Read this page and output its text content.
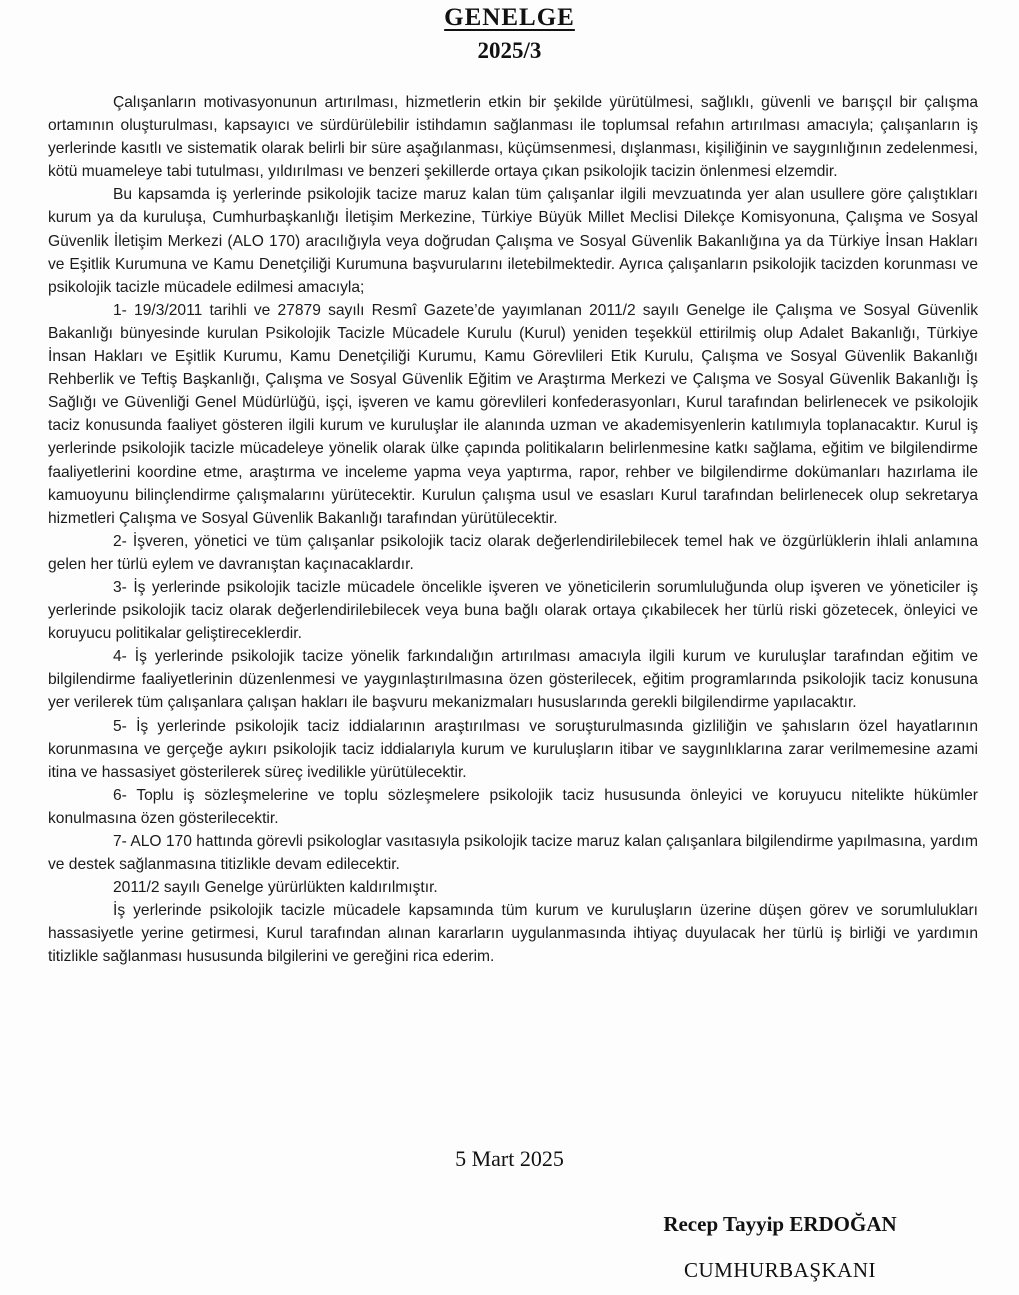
GENELGE
2025/3

Çalışanların motivasyonunun artırılması, hizmetlerin etkin bir şekilde yürütülmesi, sağlıklı, güvenli ve barışçıl bir çalışma ortamının oluşturulması, kapsayıcı ve sürdürülebilir istihdamın sağlanması ile toplumsal refahın artırılması amacıyla; çalışanların iş yerlerinde kasıtlı ve sistematik olarak belirli bir süre aşağılanması, küçümsenmesi, dışlanması, kişiliğinin ve saygınlığının zedelenmesi, kötü muameleye tabi tutulması, yıldırılması ve benzeri şekillerde ortaya çıkan psikolojik tacizin önlenmesi elzemdir.

Bu kapsamda iş yerlerinde psikolojik tacize maruz kalan tüm çalışanlar ilgili mevzuatında yer alan usullere göre çalıştıkları kurum ya da kuruluşa, Cumhurbaşkanlığı İletişim Merkezine, Türkiye Büyük Millet Meclisi Dilekçe Komisyonuna, Çalışma ve Sosyal Güvenlik İletişim Merkezi (ALO 170) aracılığıyla veya doğrudan Çalışma ve Sosyal Güvenlik Bakanlığına ya da Türkiye İnsan Hakları ve Eşitlik Kurumuna ve Kamu Denetçiliği Kurumuna başvurularını iletebilmektedir. Ayrıca çalışanların psikolojik tacizden korunması ve psikolojik tacizle mücadele edilmesi amacıyla;

1- 19/3/2011 tarihli ve 27879 sayılı Resmî Gazete’de yayımlanan 2011/2 sayılı Genelge ile Çalışma ve Sosyal Güvenlik Bakanlığı bünyesinde kurulan Psikolojik Tacizle Mücadele Kurulu (Kurul) yeniden teşekkül ettirilmiş olup Adalet Bakanlığı, Türkiye İnsan Hakları ve Eşitlik Kurumu, Kamu Denetçiliği Kurumu, Kamu Görevlileri Etik Kurulu, Çalışma ve Sosyal Güvenlik Bakanlığı Rehberlik ve Teftiş Başkanlığı, Çalışma ve Sosyal Güvenlik Eğitim ve Araştırma Merkezi ve Çalışma ve Sosyal Güvenlik Bakanlığı İş Sağlığı ve Güvenliği Genel Müdürlüğü, işçi, işveren ve kamu görevlileri konfederasyonları, Kurul tarafından belirlenecek ve psikolojik taciz konusunda faaliyet gösteren ilgili kurum ve kuruluşlar ile alanında uzman ve akademisyenlerin katılımıyla toplanacaktır. Kurul iş yerlerinde psikolojik tacizle mücadeleye yönelik olarak ülke çapında politikaların belirlenmesine katkı sağlama, eğitim ve bilgilendirme faaliyetlerini koordine etme, araştırma ve inceleme yapma veya yaptırma, rapor, rehber ve bilgilendirme dokümanları hazırlama ile kamuoyunu bilinçlendirme çalışmalarını yürütecektir. Kurulun çalışma usul ve esasları Kurul tarafından belirlenecek olup sekretarya hizmetleri Çalışma ve Sosyal Güvenlik Bakanlığı tarafından yürütülecektir.

2- İşveren, yönetici ve tüm çalışanlar psikolojik taciz olarak değerlendirilebilecek temel hak ve özgürlüklerin ihlali anlamına gelen her türlü eylem ve davranıştan kaçınacaklardır.

3- İş yerlerinde psikolojik tacizle mücadele öncelikle işveren ve yöneticilerin sorumluluğunda olup işveren ve yöneticiler iş yerlerinde psikolojik taciz olarak değerlendirilebilecek veya buna bağlı olarak ortaya çıkabilecek her türlü riski gözetecek, önleyici ve koruyucu politikalar geliştireceklerdir.

4- İş yerlerinde psikolojik tacize yönelik farkındalığın artırılması amacıyla ilgili kurum ve kuruluşlar tarafından eğitim ve bilgilendirme faaliyetlerinin düzenlenmesi ve yaygınlaştırılmasına özen gösterilecek, eğitim programlarında psikolojik taciz konusuna yer verilerek tüm çalışanlara çalışan hakları ile başvuru mekanizmaları hususlarında gerekli bilgilendirme yapılacaktır.

5- İş yerlerinde psikolojik taciz iddialarının araştırılması ve soruşturulmasında gizliliğin ve şahısların özel hayatlarının korunmasına ve gerçeğe aykırı psikolojik taciz iddialarıyla kurum ve kuruluşların itibar ve saygınlıklarına zarar verilmemesine azami itina ve hassasiyet gösterilerek süreç ivedilikle yürütülecektir.

6- Toplu iş sözleşmelerine ve toplu sözleşmelere psikolojik taciz hususunda önleyici ve koruyucu nitelikte hükümler konulmasına özen gösterilecektir.

7- ALO 170 hattında görevli psikologlar vasıtasıyla psikolojik tacize maruz kalan çalışanlara bilgilendirme yapılmasına, yardım ve destek sağlanmasına titizlikle devam edilecektir.

2011/2 sayılı Genelge yürürlükten kaldırılmıştır.

İş yerlerinde psikolojik tacizle mücadele kapsamında tüm kurum ve kuruluşların üzerine düşen görev ve sorumlulukları hassasiyetle yerine getirmesi, Kurul tarafından alınan kararların uygulanmasında ihtiyaç duyulacak her türlü iş birliği ve yardımın titizlikle sağlanması hususunda bilgilerini ve gereğini rica ederim.

5 Mart 2025
Recep Tayyip ERDOĞAN
CUMHURBAŞKANI
